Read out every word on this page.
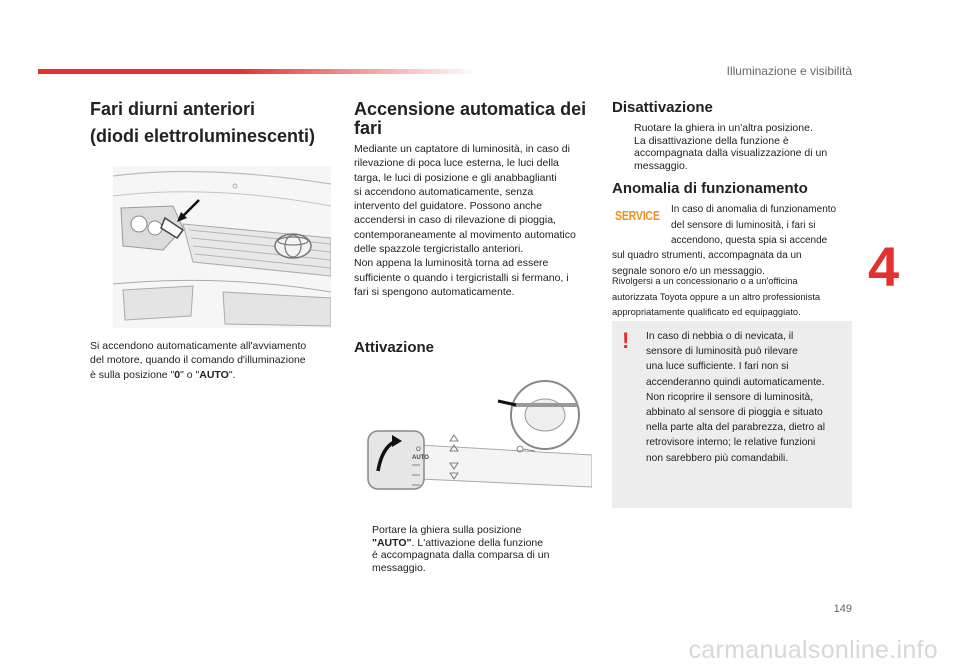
Illuminazione e visibilità
4
Fari diurni anteriori
(diodi elettroluminescenti)
Si accendono automaticamente all'avviamento
del motore, quando il comando d'illuminazione
è sulla posizione "0" o "AUTO".
Accensione automatica dei
fari
Mediante un captatore di luminosità, in caso di
rilevazione di poca luce esterna, le luci della
targa, le luci di posizione e gli anabbaglianti
si accendono automaticamente, senza
intervento del guidatore. Possono anche
accendersi in caso di rilevazione di pioggia,
contemporaneamente al movimento automatico
delle spazzole tergicristallo anteriori.
Non appena la luminosità torna ad essere
sufficiente o quando i tergicristalli si fermano, i
fari si spengono automaticamente.
Attivazione
O
AUTO
Portare la ghiera sulla posizione
"AUTO". L'attivazione della funzione
è accompagnata dalla comparsa di un
messaggio.
Disattivazione
Ruotare la ghiera in un'altra posizione.
La disattivazione della funzione è
accompagnata dalla visualizzazione di un
messaggio.
Anomalia di funzionamento
SERVICE In caso di anomalia di funzionamento
del sensore di luminosità, i fari si
accendono, questa spia si accende
sul quadro strumenti, accompagnata da un
segnale sonoro e/o un messaggio.
Rivolgersi a un concessionario o a un'officina
autorizzata Toyota oppure a un altro professionista
appropriatamente qualificato ed equipaggiato.
! In caso di nebbia o di nevicata, il
sensore di luminosità può rilevare
una luce sufficiente. I fari non si
accenderanno quindi automaticamente.
Non ricoprire il sensore di luminosità,
abbinato al sensore di pioggia e situato
nella parte alta del parabrezza, dietro al
retrovisore interno; le relative funzioni
non sarebbero più comandabili.
149
carmanualsonline.info
